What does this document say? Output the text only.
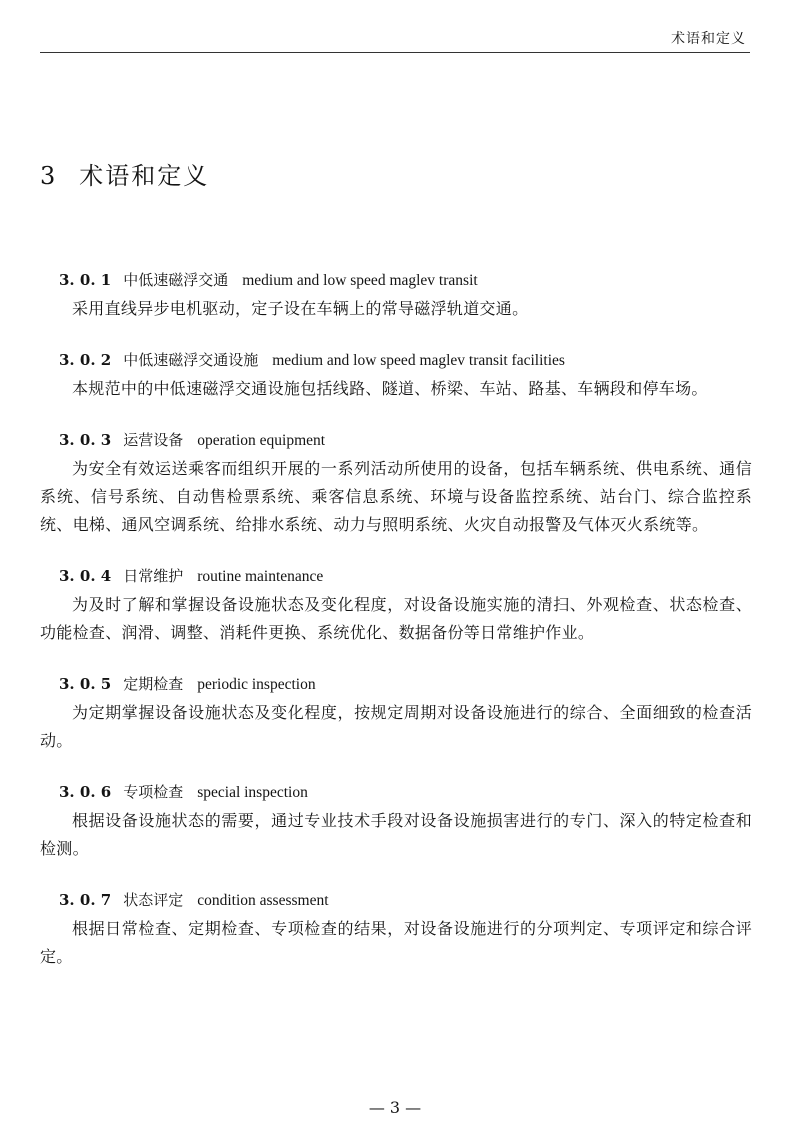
术语和定义
3 术语和定义
3. 0. 1 中低速磁浮交通 medium and low speed maglev transit

采用直线异步电机驱动，定子设在车辆上的常导磁浮轨道交通。

3. 0. 2 中低速磁浮交通设施 medium and low speed maglev transit facilities

本规范中的中低速磁浮交通设施包括线路、隧道、桥梁、车站、路基、车辆段和停车场。

3. 0. 3 运营设备 operation equipment

为安全有效运送乘客而组织开展的一系列活动所使用的设备，包括车辆系统、供电系统、通信系统、信号系统、自动售检票系统、乘客信息系统、环境与设备监控系统、站台门、综合监控系统、电梯、通风空调系统、给排水系统、动力与照明系统、火灾自动报警及气体灭火系统等。

3. 0. 4 日常维护 routine maintenance

为及时了解和掌握设备设施状态及变化程度，对设备设施实施的清扫、外观检查、状态检查、功能检查、润滑、调整、消耗件更换、系统优化、数据备份等日常维护作业。

3. 0. 5 定期检查 periodic inspection

为定期掌握设备设施状态及变化程度，按规定周期对设备设施进行的综合、全面细致的检查活动。

3. 0. 6 专项检查 special inspection

根据设备设施状态的需要，通过专业技术手段对设备设施损害进行的专门、深入的特定检查和检测。

3. 0. 7 状态评定 condition assessment

根据日常检查、定期检查、专项检查的结果，对设备设施进行的分项判定、专项评定和综合评定。

— 3 —
